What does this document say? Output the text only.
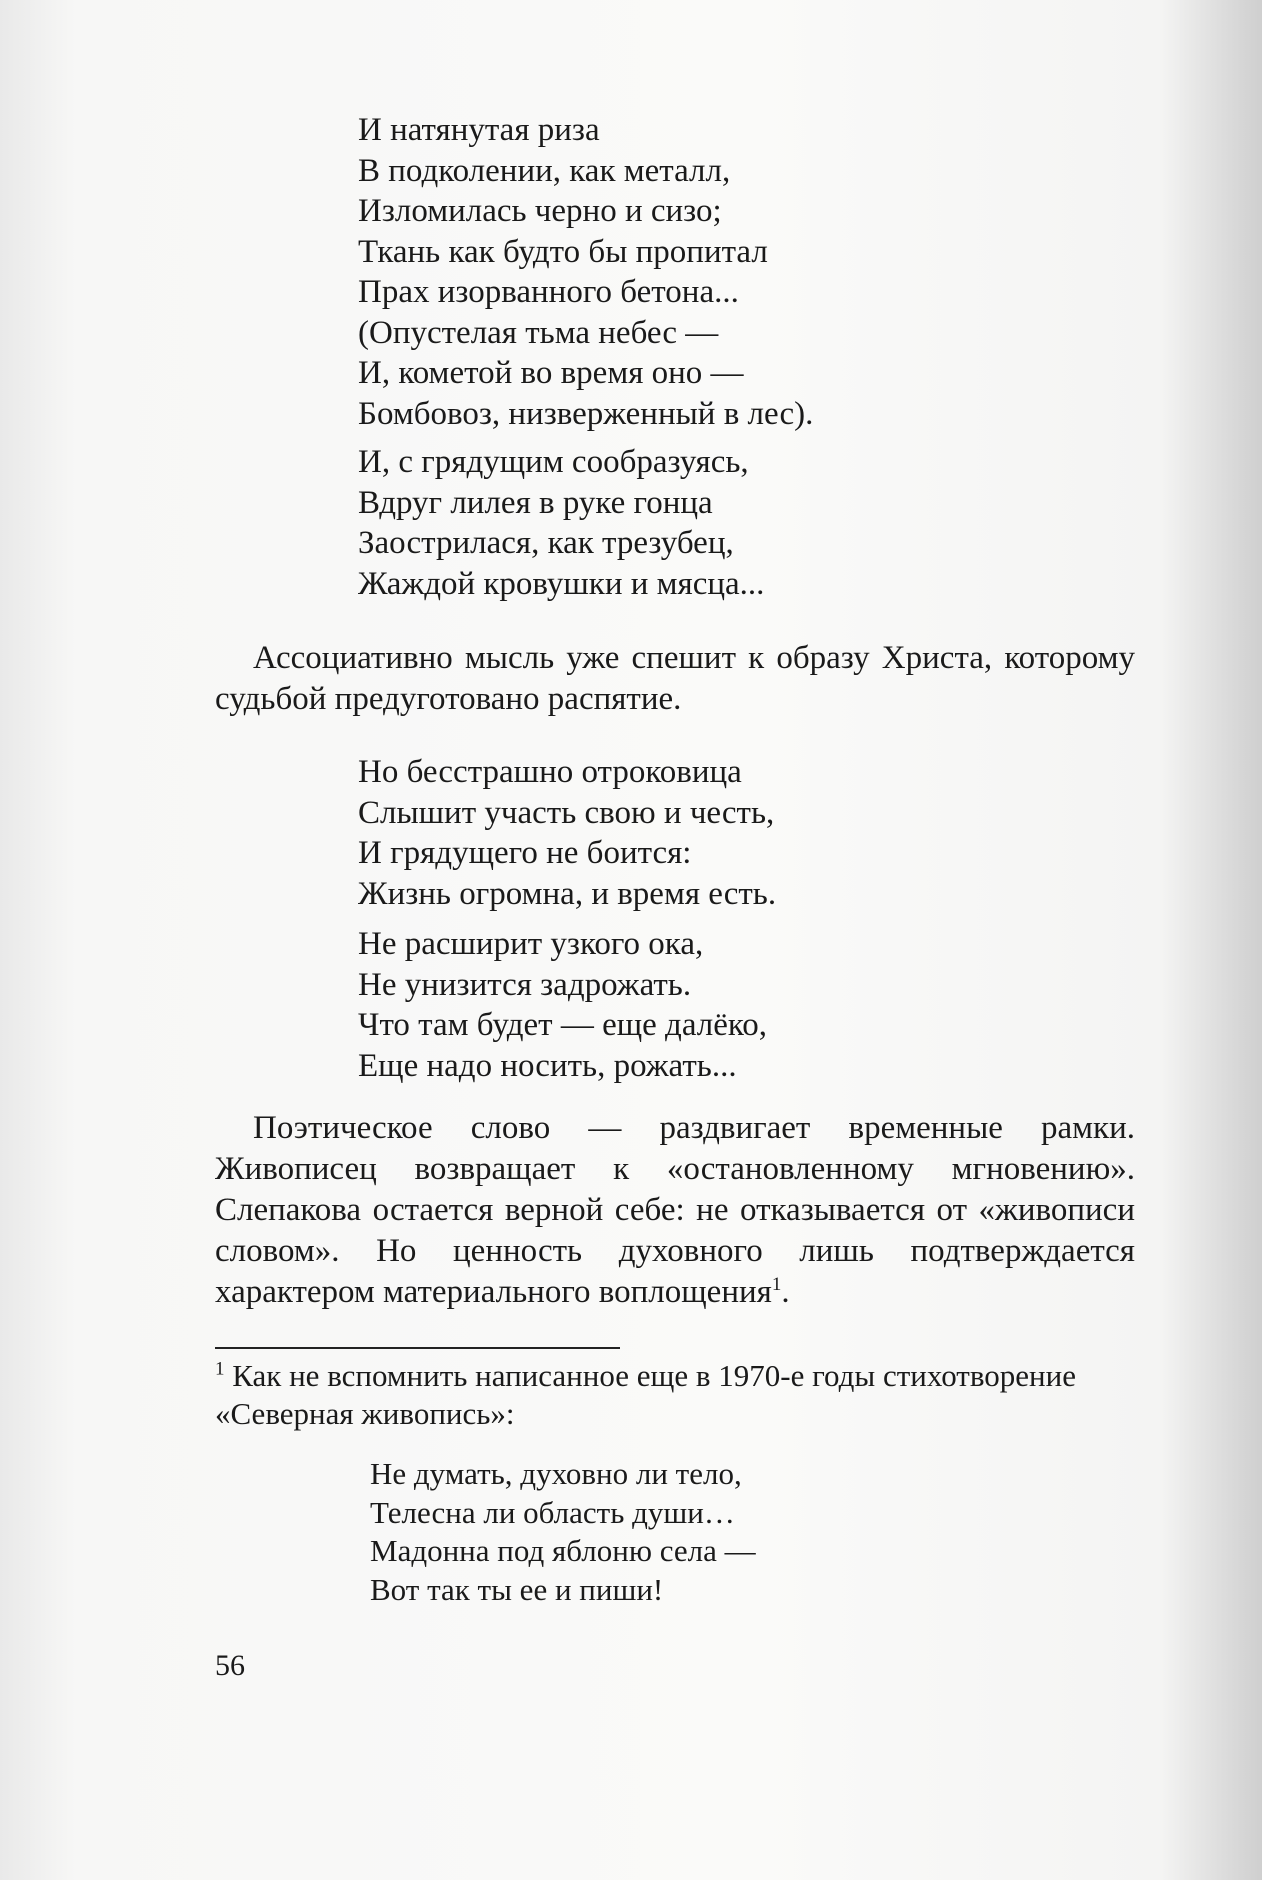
И натянутая риза
В подколении, как металл,
Изломилась черно и сизо;
Ткань как будто бы пропитал
Прах изорванного бетона...
(Опустелая тьма небес —
И, кометой во время оно —
Бомбовоз, низверженный в лес).
И, с грядущим сообразуясь,
Вдруг лилея в руке гонца
Заострилася, как трезубец,
Жаждой кровушки и мясца...

Ассоциативно мысль уже спешит к образу Христа, которому судьбой предуготовано распятие.

Но бесстрашно отроковица
Слышит участь свою и честь,
И грядущего не боится:
Жизнь огромна, и время есть.
Не расширит узкого ока,
Не унизится задрожать.
Что там будет — еще далёко,
Еще надо носить, рожать...

Поэтическое слово — раздвигает временные рамки. Живописец возвращает к «остановленному мгновению». Слепакова остается верной себе: не отказывается от «живописи словом». Но ценность духовного лишь подтверждается характером материального воплощения$^1$.

$^1$ Как не вспомнить написанное еще в 1970-е годы стихотворение «Северная живопись»:

Не думать, духовно ли тело,
Телесна ли область души…
Мадонна под яблоню села —
Вот так ты ее и пиши!
56
